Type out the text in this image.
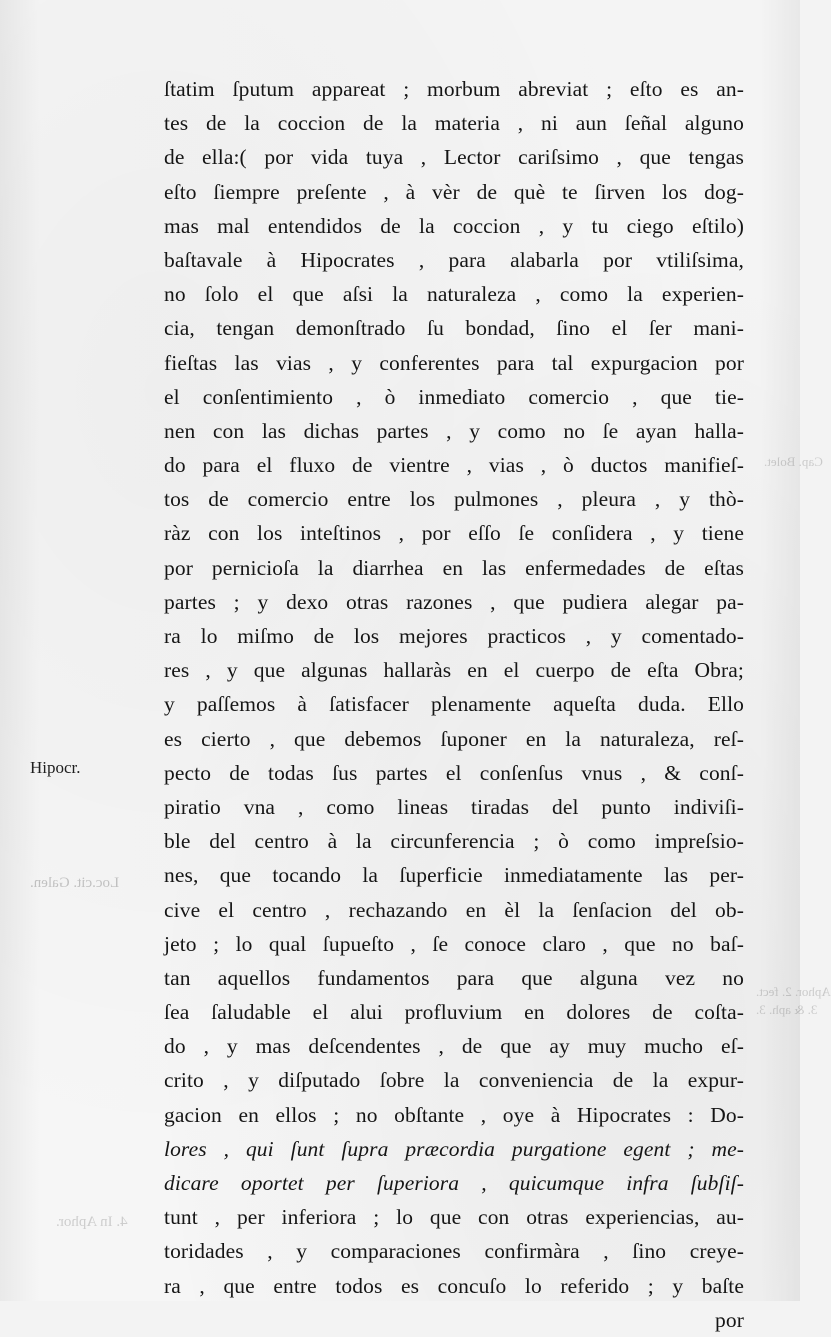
Hipocr.
Loc.cit. Galen.
Cap. Bolet.
Aphor. 2. fect.
3. & aph. 3.
4. In Aphor.
ſtatim ſputum appareat ; morbum abreviat ; eſto es an-
tes de la coccion de la materia , ni aun ſeñal alguno
de ella:( por vida tuya , Lector cariſsimo , que tengas
eſto ſiempre preſente , à vèr de què te ſirven los dog-
mas mal entendidos de la coccion , y tu ciego eſtilo)
baſtavale à Hipocrates , para alabarla por vtiliſsima,
no ſolo el que aſsi la naturaleza , como la experien-
cia, tengan demonſtrado ſu bondad, ſino el ſer mani-
fieſtas las vias , y conferentes para tal expurgacion por
el conſentimiento , ò inmediato comercio , que tie-
nen con las dichas partes , y como no ſe ayan halla-
do para el fluxo de vientre , vias , ò ductos manifieſ-
tos de comercio entre los pulmones , pleura , y thò-
ràz con los inteſtinos , por eſſo ſe conſidera , y tiene
por pernicioſa la diarrhea en las enfermedades de eſtas
partes ; y dexo otras razones , que pudiera alegar pa-
ra lo miſmo de los mejores practicos , y comentado-
res , y que algunas hallaràs en el cuerpo de eſta Obra;
y paſſemos à ſatisfacer plenamente aqueſta duda. Ello
es cierto , que debemos ſuponer en la naturaleza, reſ-
pecto de todas ſus partes el conſenſus vnus , & conſ-
piratio vna , como lineas tiradas del punto indiviſi-
ble del centro à la circunferencia ; ò como impreſsio-
nes, que tocando la ſuperficie inmediatamente las per-
cive el centro , rechazando en èl la ſenſacion del ob-
jeto ; lo qual ſupueſto , ſe conoce claro , que no baſ-
tan aquellos fundamentos para que alguna vez no
ſea ſaludable el alui profluvium en dolores de coſta-
do , y mas deſcendentes , de que ay muy mucho eſ-
crito , y diſputado ſobre la conveniencia de la expur-
gacion en ellos ; no obſtante , oye à Hipocrates : Do-
lores , qui ſunt ſupra præcordia purgatione egent ; me-
dicare oportet per ſuperiora , quicumque infra ſubſiſ-
tunt , per inferiora ; lo que con otras experiencias, au-
toridades , y comparaciones confirmàra , ſino creye-
ra , que entre todos es concuſo lo referido ; y baſte
por
